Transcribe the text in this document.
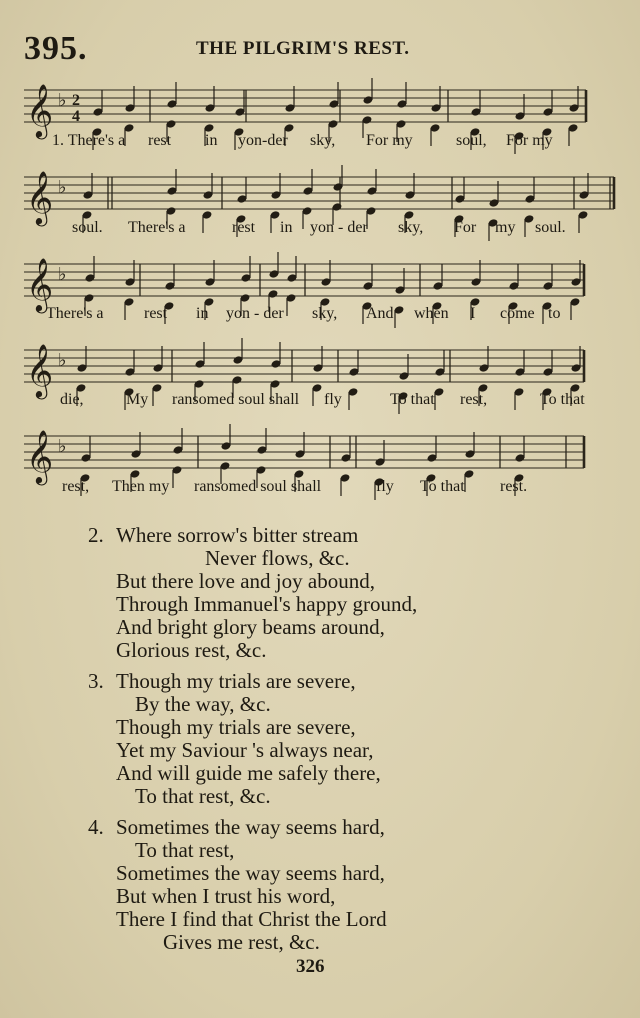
395.	THE PILGRIM'S REST.
𝄞 ♭ 2
4
1. There's a rest in yon-der sky, For my	soul, For my
𝄞 ♭
soul. There's a	rest in yon - der sky, For my soul.
𝄞 ♭
There's a	rest in yon - der sky, And when I come to
𝄞 ♭
die,	My ransomed soul shall fly	To that rest,	To that
𝄞 ♭
rest, Then my ransomed soul shall	fly To that rest.
2. Where sorrow's bitter stream
Never flows, &c.
But there love and joy abound,
Through Immanuel's happy ground,
And bright glory beams around,
Glorious rest, &c.
3. Though my trials are severe,
By the way, &c.
Though my trials are severe,
Yet my Saviour 's always near,
And will guide me safely there,
To that rest, &c.
4. Sometimes the way seems hard,
To that rest,
Sometimes the way seems hard,
But when I trust his word,
There I find that Christ the Lord
Gives me rest, &c.
326
